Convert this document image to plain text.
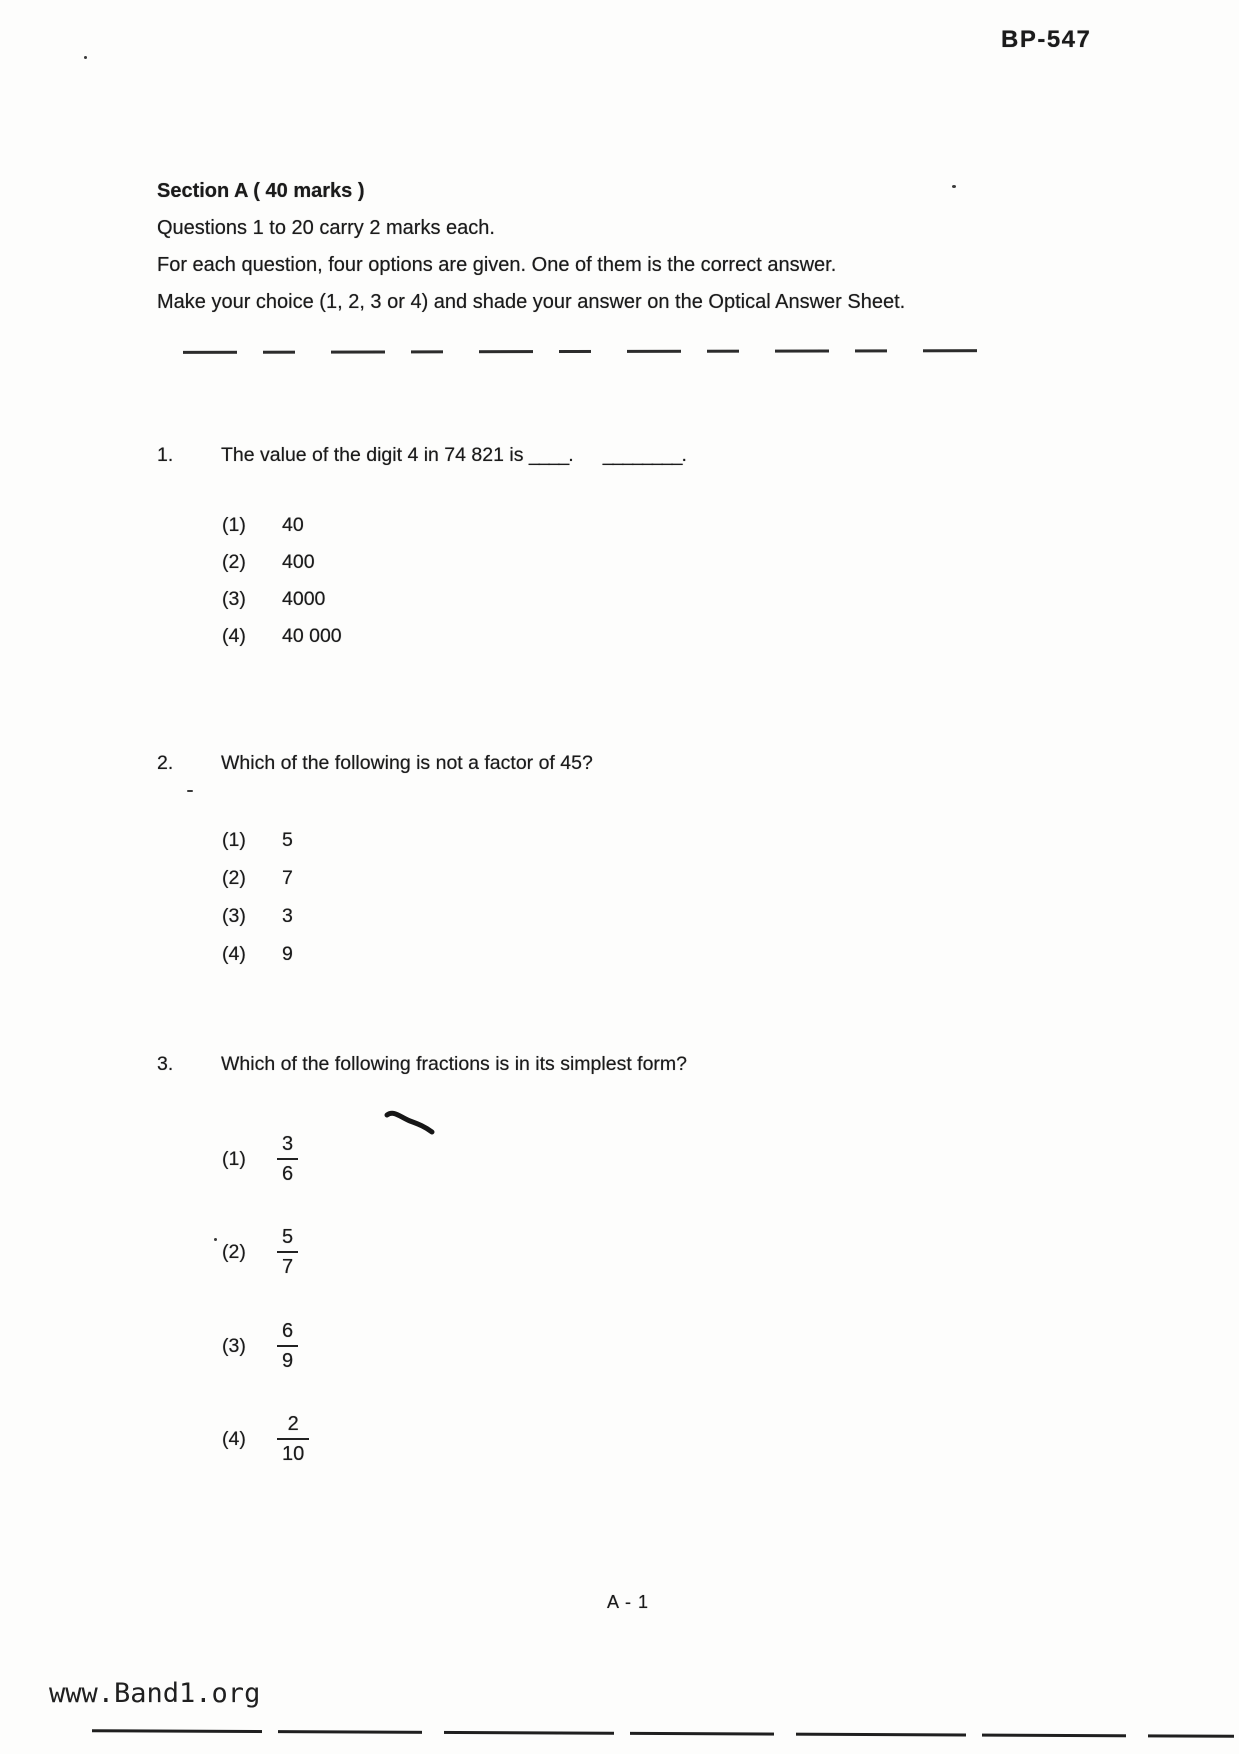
BP-547
Section A ( 40 marks )
Questions 1 to 20 carry 2 marks each.
For each question, four options are given. One of them is the correct answer.
Make your choice (1, 2, 3 or 4) and shade your answer on the Optical Answer Sheet.
1. The value of the digit 4 in 74 821 is ____. ________.
(1) 40
(2) 400
(3) 4000
(4) 40 000
2. Which of the following is not a factor of 45?
(1) 5
(2) 7
(3) 3
(4) 9
3. Which of the following fractions is in its simplest form?
(1)	$\frac{3}{6}$
(2)	$\frac{5}{7}$
(3)	$\frac{6}{9}$
(4)	$\frac{2}{10}$
A - 1
www.Band1.org
